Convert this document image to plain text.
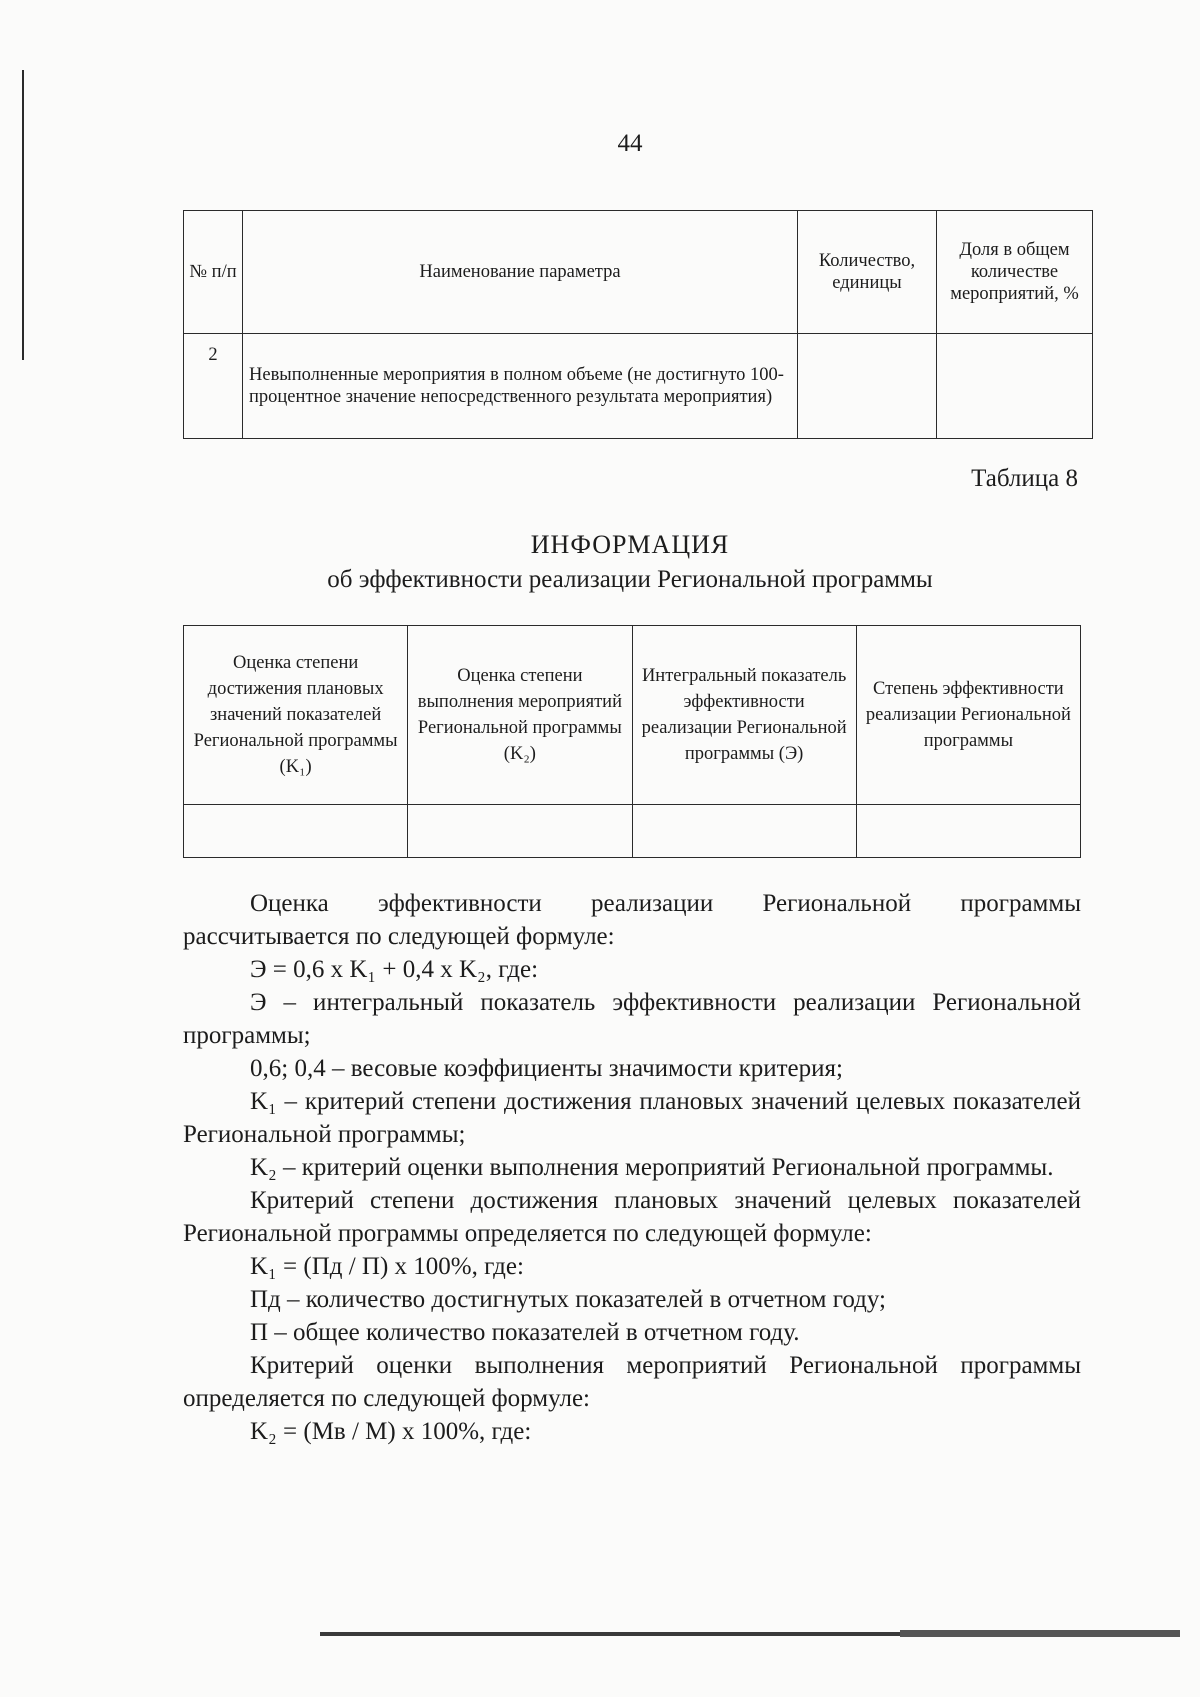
44
№ п/п	Наименование параметра	Количество, единицы	Доля в общем количестве мероприятий, %
2	Невыполненные мероприятия в полном объеме (не достигнуто 100-процентное значение непосредственного результата мероприятия)		
Таблица 8
ИНФОРМАЦИЯ
об эффективности реализации Региональной программы
Оценка степени достижения плановых значений показателей Региональной программы (K₁)	Оценка степени выполнения мероприятий Региональной программы (K₂)	Интегральный показатель эффективности реализации Региональной программы (Э)	Степень эффективности реализации Региональной программы

Оценка эффективности реализации Региональной программы рассчитывается по следующей формуле:

Э = 0,6 x K₁ + 0,4 x K₂, где:

Э – интегральный показатель эффективности реализации Региональной программы;

0,6; 0,4 – весовые коэффициенты значимости критерия;

K₁ – критерий степени достижения плановых значений целевых показателей Региональной программы;

K₂ – критерий оценки выполнения мероприятий Региональной программы.

Критерий степени достижения плановых значений целевых показателей Региональной программы определяется по следующей формуле:

K₁ = (Пд / П) x 100%, где:

Пд – количество достигнутых показателей в отчетном году;

П – общее количество показателей в отчетном году.

Критерий оценки выполнения мероприятий Региональной программы определяется по следующей формуле:

K₂ = (Mв / M) x 100%, где:
